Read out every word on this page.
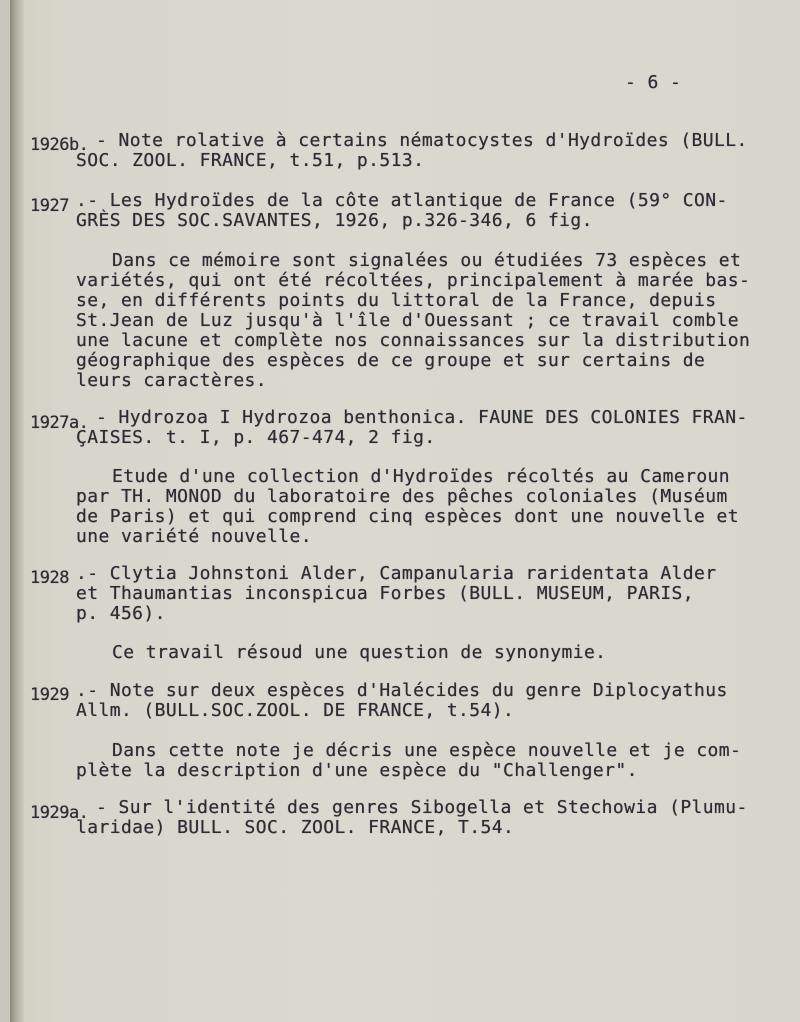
- 6 -

1926b. - Note rolative à certains nématocystes d'Hydroïdes (BULL.

SOC. ZOOL. FRANCE, t.51, p.513.

1927 .- Les Hydroïdes de la côte atlantique de France (59° CON-

GRÈS DES SOC.SAVANTES, 1926, p.326-346, 6 fig.

Dans ce mémoire sont signalées ou étudiées 73 espèces et

variétés, qui ont été récoltées, principalement à marée bas-

se, en différents points du littoral de la France, depuis

St.Jean de Luz jusqu'à l'île d'Ouessant ; ce travail comble

une lacune et complète nos connaissances sur la distribution

géographique des espèces de ce groupe et sur certains de

leurs caractères.

1927a. - Hydrozoa I Hydrozoa benthonica. FAUNE DES COLONIES FRAN-

ÇAISES. t. I, p. 467-474, 2 fig.

Etude d'une collection d'Hydroïdes récoltés au Cameroun

par TH. MONOD du laboratoire des pêches coloniales (Muséum

de Paris) et qui comprend cinq espèces dont une nouvelle et

une variété nouvelle.

1928 .- Clytia Johnstoni Alder, Campanularia raridentata Alder

et Thaumantias inconspicua Forbes (BULL. MUSEUM, PARIS,

p. 456).

Ce travail résoud une question de synonymie.

1929 .- Note sur deux espèces d'Halécides du genre Diplocyathus

Allm. (BULL.SOC.ZOOL. DE FRANCE, t.54).

Dans cette note je décris une espèce nouvelle et je com-

plète la description d'une espèce du "Challenger".

1929a. - Sur l'identité des genres Sibogella et Stechowia (Plumu-

laridae) BULL. SOC. ZOOL. FRANCE, T.54.
